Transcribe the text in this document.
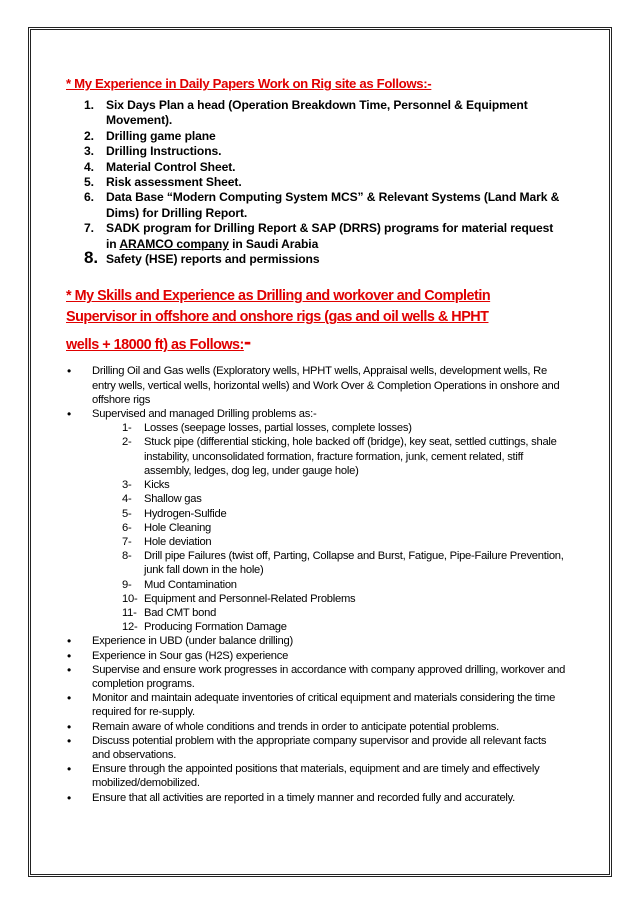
* My Experience in Daily Papers Work on Rig site as Follows:-

1. Six Days Plan a head (Operation Breakdown Time, Personnel & Equipment Movement).
2. Drilling game plane
3. Drilling Instructions.
4. Material Control Sheet.
5. Risk assessment Sheet.
6. Data Base “Modern Computing System MCS” & Relevant Systems (Land Mark & Dims) for Drilling Report.
7. SADK program for Drilling Report & SAP (DRRS) programs for material request in ARAMCO company in Saudi Arabia
8. Safety (HSE) reports and permissions
* My Skills and Experience as Drilling and workover and Completin
Supervisor in offshore and onshore rigs (gas and oil wells & HPHT
wells + 18000 ft) as Follows:-
• Drilling Oil and Gas wells (Exploratory wells, HPHT wells, Appraisal wells, development wells, Re entry wells, vertical wells, horizontal wells) and Work Over & Completion Operations in onshore and offshore rigs
• Supervised and managed Drilling problems as:-
1- Losses (seepage losses, partial losses, complete losses)
2- Stuck pipe (differential sticking, hole backed off (bridge), key seat, settled cuttings, shale instability, unconsolidated formation, fracture formation, junk, cement related, stiff assembly, ledges, dog leg, under gauge hole)
3- Kicks
4- Shallow gas
5- Hydrogen-Sulfide
6- Hole Cleaning
7- Hole deviation
8- Drill pipe Failures (twist off, Parting, Collapse and Burst, Fatigue, Pipe-Failure Prevention, junk fall down in the hole)
9- Mud Contamination
10- Equipment and Personnel-Related Problems
11- Bad CMT bond
12- Producing Formation Damage
• Experience in UBD (under balance drilling)
• Experience in Sour gas (H2S) experience
• Supervise and ensure work progresses in accordance with company approved drilling, workover and completion programs.
• Monitor and maintain adequate inventories of critical equipment and materials considering the time required for re-supply.
• Remain aware of whole conditions and trends in order to anticipate potential problems.
• Discuss potential problem with the appropriate company supervisor and provide all relevant facts and observations.
• Ensure through the appointed positions that materials, equipment and are timely and effectively mobilized/demobilized.
• Ensure that all activities are reported in a timely manner and recorded fully and accurately.
